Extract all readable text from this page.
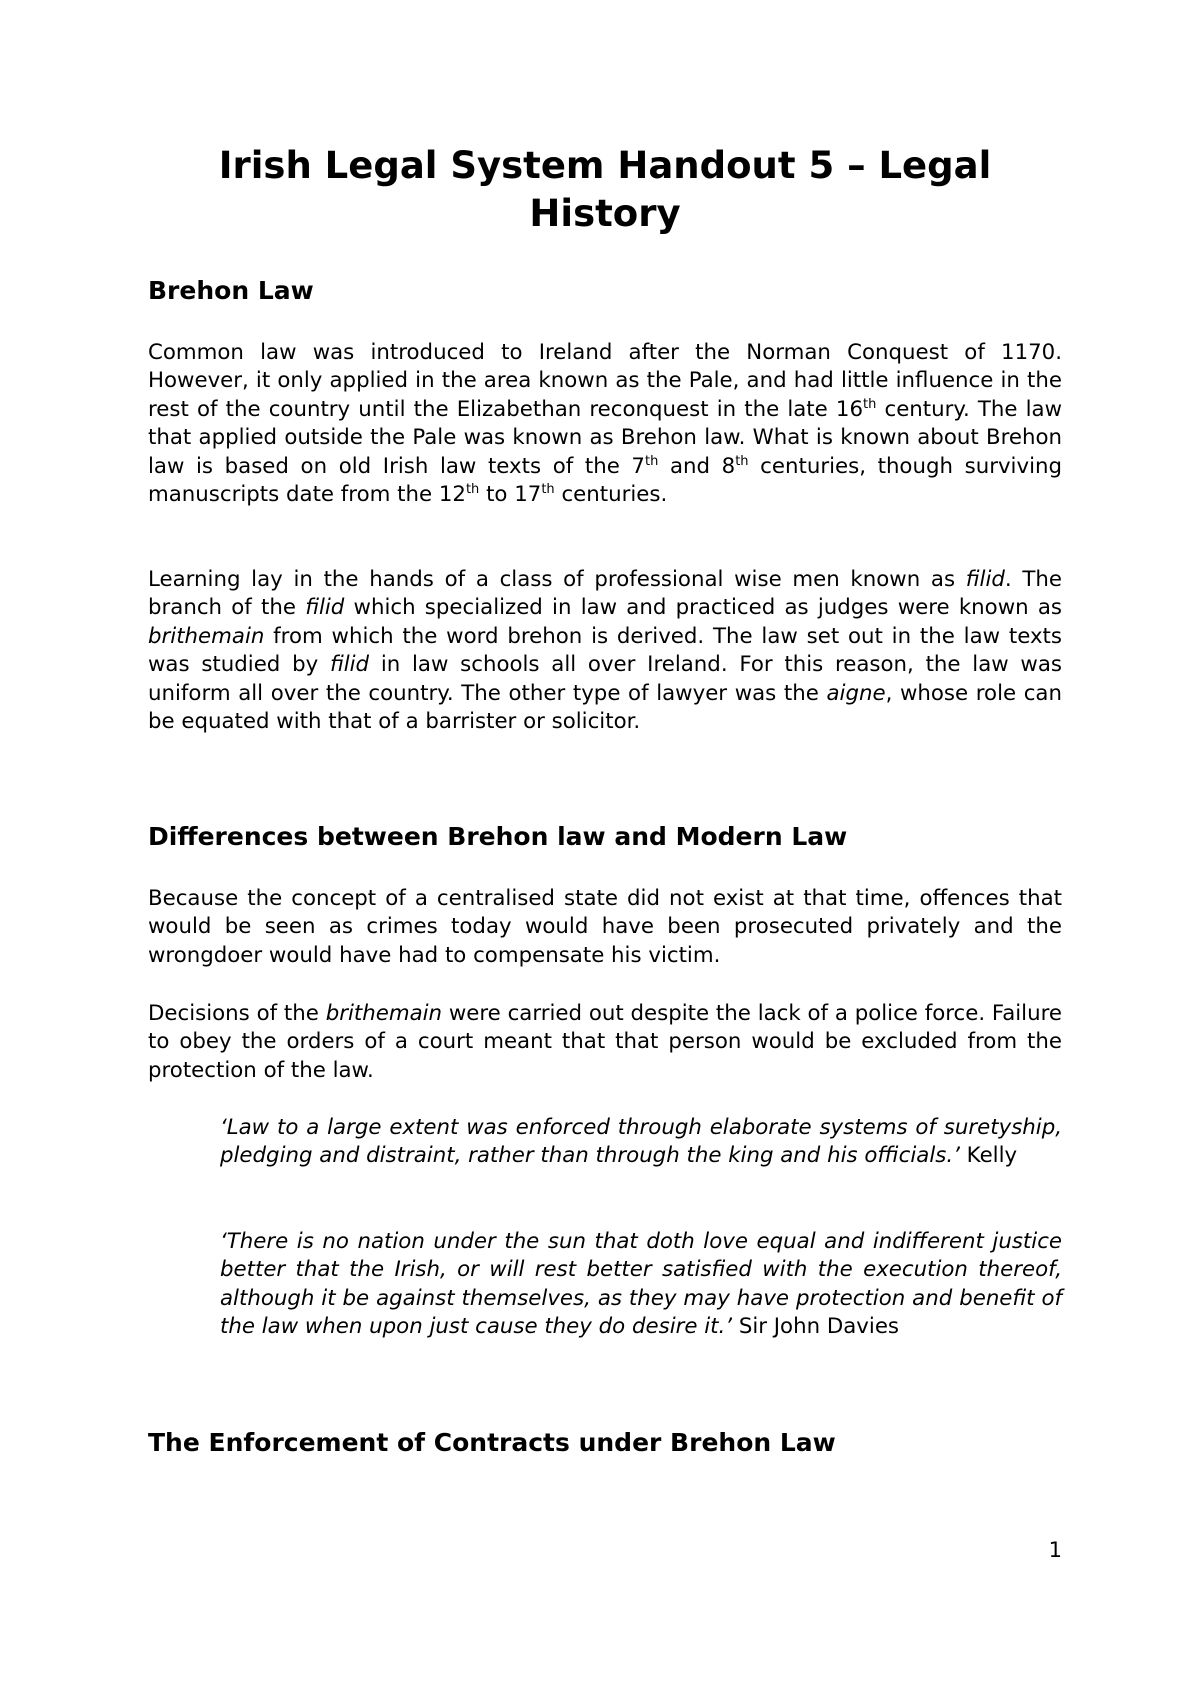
Irish Legal System Handout 5 – Legal History
Brehon Law

Common law was introduced to Ireland after the Norman Conquest of 1170. However, it only applied in the area known as the Pale, and had little influence in the rest of the country until the Elizabethan reconquest in the late 16th century. The law that applied outside the Pale was known as Brehon law. What is known about Brehon law is based on old Irish law texts of the 7th and 8th centuries, though surviving manuscripts date from the 12th to 17th centuries.

Learning lay in the hands of a class of professional wise men known as filid. The branch of the filid which specialized in law and practiced as judges were known as brithemain from which the word brehon is derived. The law set out in the law texts was studied by filid in law schools all over Ireland. For this reason, the law was uniform all over the country. The other type of lawyer was the aigne, whose role can be equated with that of a barrister or solicitor.

Differences between Brehon law and Modern Law

Because the concept of a centralised state did not exist at that time, offences that would be seen as crimes today would have been prosecuted privately and the wrongdoer would have had to compensate his victim.

Decisions of the brithemain were carried out despite the lack of a police force. Failure to obey the orders of a court meant that that person would be excluded from the protection of the law.

‘Law to a large extent was enforced through elaborate systems of suretyship, pledging and distraint, rather than through the king and his officials.’ Kelly

‘There is no nation under the sun that doth love equal and indifferent justice better that the Irish, or will rest better satisfied with the execution thereof, although it be against themselves, as they may have protection and benefit of the law when upon just cause they do desire it.’ Sir John Davies

The Enforcement of Contracts under Brehon Law
1
